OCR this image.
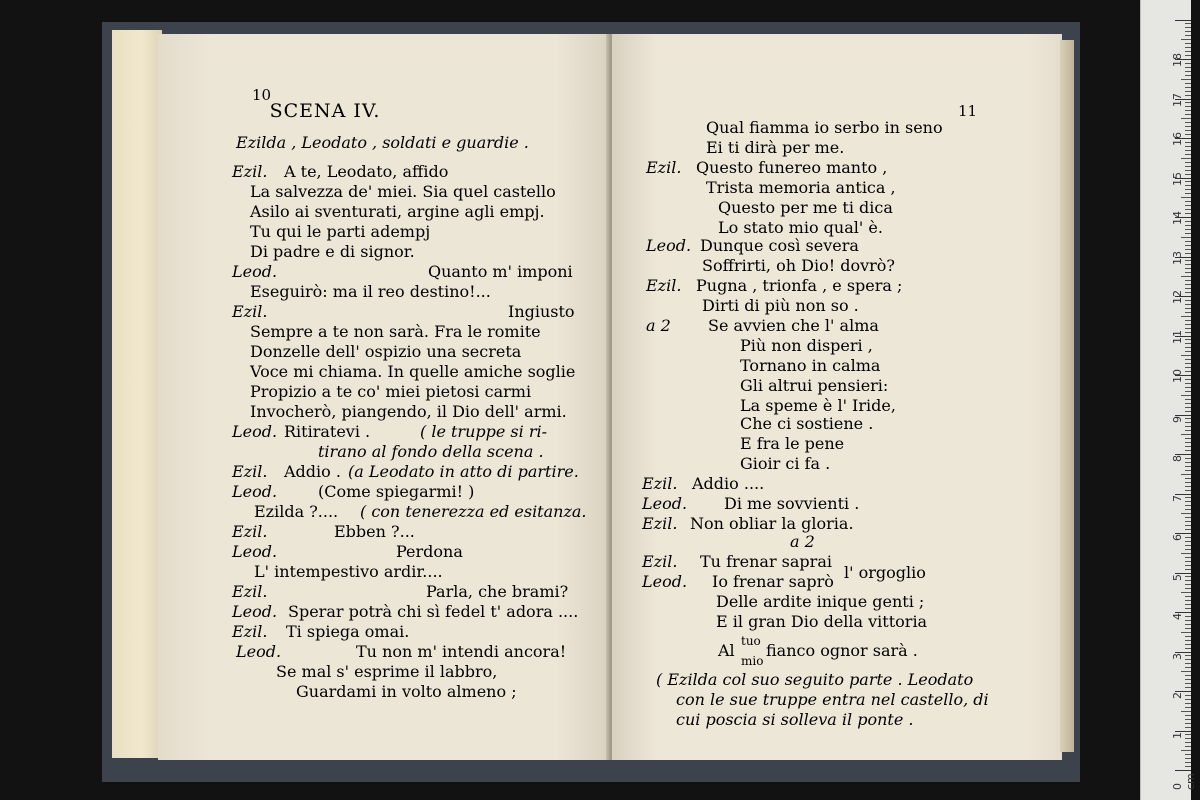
10
SCENA IV.
Ezilda , Leodato , soldati e guardie .
Ezil. A te, Leodato, affido
La salvezza de' miei. Sia quel castello
Asilo ai sventurati, argine agli empj.
Tu qui le parti adempj
Di padre e di signor.
Leod.	Quanto m' imponi
Eseguirò: ma il reo destino!...
Ezil.	Ingiusto
Sempre a te non sarà. Fra le romite
Donzelle dell' ospizio una secreta
Voce mi chiama. In quelle amiche soglie
Propizio a te co' miei pietosi carmi
Invocherò, piangendo, il Dio dell' armi.
Leod. Ritiratevi .	( le truppe si ri-
tirano al fondo della scena .
Ezil. Addio . (a Leodato in atto di partire.
Leod.	(Come spiegarmi! )
Ezilda ?.... ( con tenerezza ed esitanza.
Ezil.	Ebben ?...
Leod.	Perdona
L' intempestivo ardir....
Ezil.	Parla, che brami?
Leod. Sperar potrà chi sì fedel t' adora ....
Ezil. Ti spiega omai.
Leod.	Tu non m' intendi ancora!
Se mal s' esprime il labbro,
Guardami in volto almeno ;
11
Qual fiamma io serbo in seno
Ei ti dirà per me.
Ezil. Questo funereo manto ,
Trista memoria antica ,
Questo per me ti dica
Lo stato mio qual' è.
Leod. Dunque così severa
Soffrirti, oh Dio! dovrò?
Ezil. Pugna , trionfa , e spera ;
Dirti di più non so .
a 2 Se avvien che l' alma
Più non disperi ,
Tornano in calma
Gli altrui pensieri:
La speme è l' Iride,
Che ci sostiene .
E fra le pene
Gioir ci fa .
Ezil. Addio ....
Leod. Di me sovvienti .
Ezil. Non obliar la gloria.
a 2
Ezil. Tu frenar saprai
Leod. Io frenar saprò l' orgoglio
Delle ardite inique genti ;
E il gran Dio della vittoria
Al tuo
mio
fianco ognor sarà .
( Ezilda col suo seguito parte . Leodato
con le sue truppe entra nel castello, di
cui poscia si solleva il ponte .
0 cm
1
2
3
4
5
6
7
8
9
10
11
12
13
14
15
16
17
18
